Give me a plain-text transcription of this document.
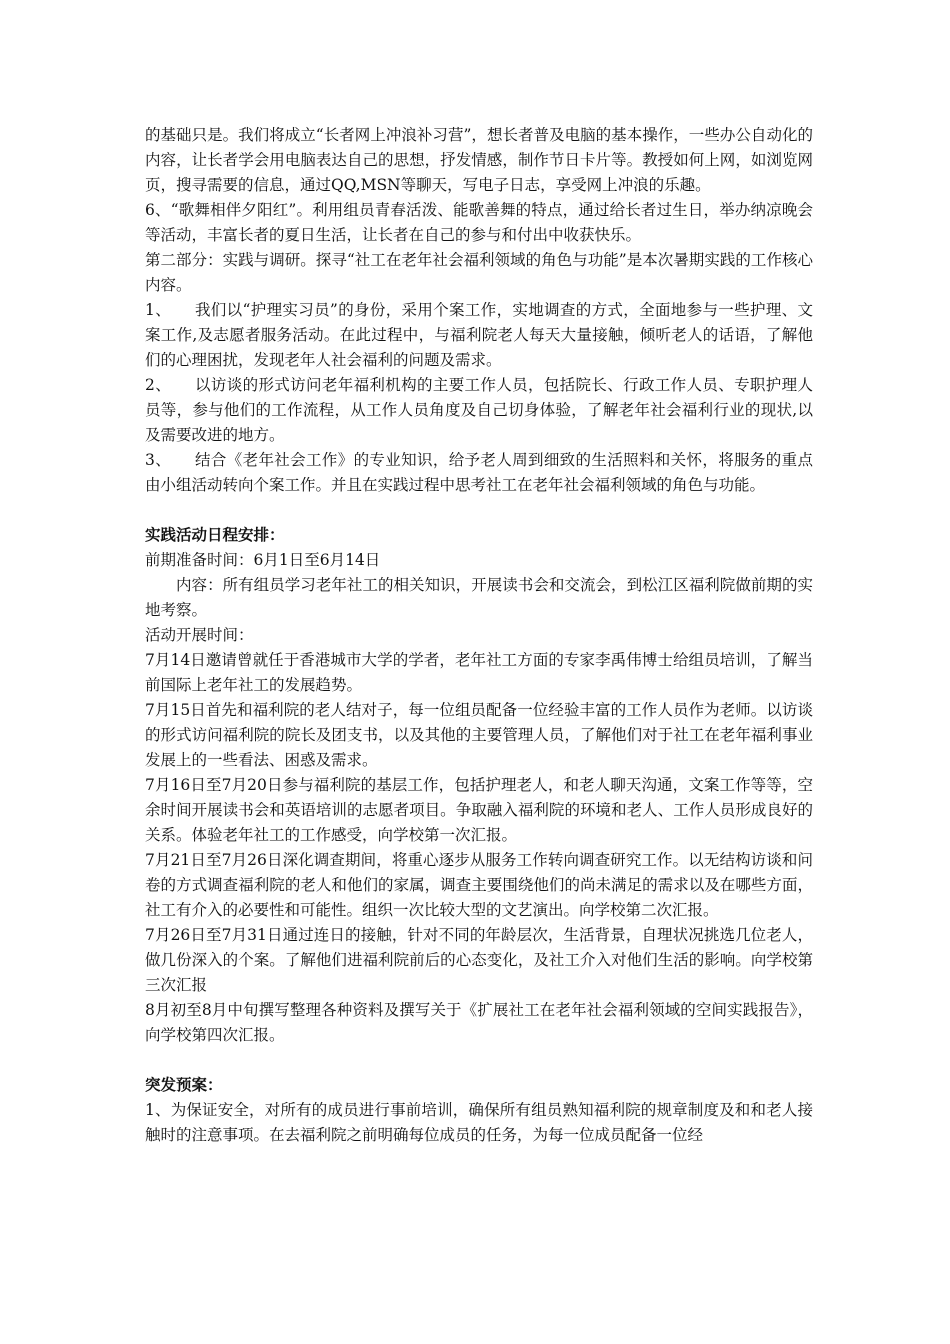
的基础只是。我们将成立“长者网上冲浪补习营”，想长者普及电脑的基本操作，一些办公自动化的内容，让长者学会用电脑表达自己的思想，抒发情感，制作节日卡片等。教授如何上网，如浏览网页，搜寻需要的信息，通过QQ,MSN等聊天，写电子日志，享受网上冲浪的乐趣。

6、“歌舞相伴夕阳红”。利用组员青春活泼、能歌善舞的特点，通过给长者过生日，举办纳凉晚会等活动，丰富长者的夏日生活，让长者在自己的参与和付出中收获快乐。

第二部分：实践与调研。探寻“社工在老年社会福利领域的角色与功能”是本次暑期实践的工作核心内容。

1、　　我们以“护理实习员”的身份，采用个案工作，实地调查的方式，全面地参与一些护理、文案工作,及志愿者服务活动。在此过程中，与福利院老人每天大量接触，倾听老人的话语，了解他们的心理困扰，发现老年人社会福利的问题及需求。

2、　　以访谈的形式访问老年福利机构的主要工作人员，包括院长、行政工作人员、专职护理人员等，参与他们的工作流程，从工作人员角度及自己切身体验，了解老年社会福利行业的现状,以及需要改进的地方。

3、　　结合《老年社会工作》的专业知识，给予老人周到细致的生活照料和关怀，将服务的重点由小组活动转向个案工作。并且在实践过程中思考社工在老年社会福利领域的角色与功能。

实践活动日程安排：

前期准备时间：6月1日至6月14日

内容：所有组员学习老年社工的相关知识，开展读书会和交流会，到松江区福利院做前期的实地考察。

活动开展时间：

7月14日邀请曾就任于香港城市大学的学者，老年社工方面的专家李禹伟博士给组员培训，了解当前国际上老年社工的发展趋势。

7月15日首先和福利院的老人结对子，每一位组员配备一位经验丰富的工作人员作为老师。以访谈的形式访问福利院的院长及团支书，以及其他的主要管理人员，了解他们对于社工在老年福利事业发展上的一些看法、困惑及需求。

7月16日至7月20日参与福利院的基层工作，包括护理老人，和老人聊天沟通，文案工作等等，空余时间开展读书会和英语培训的志愿者项目。争取融入福利院的环境和老人、工作人员形成良好的关系。体验老年社工的工作感受，向学校第一次汇报。

7月21日至7月26日深化调查期间，将重心逐步从服务工作转向调查研究工作。以无结构访谈和问卷的方式调查福利院的老人和他们的家属，调查主要围绕他们的尚未满足的需求以及在哪些方面，社工有介入的必要性和可能性。组织一次比较大型的文艺演出。向学校第二次汇报。

7月26日至7月31日通过连日的接触，针对不同的年龄层次，生活背景，自理状况挑选几位老人，做几份深入的个案。了解他们进福利院前后的心态变化，及社工介入对他们生活的影响。向学校第三次汇报

8月初至8月中旬撰写整理各种资料及撰写关于《扩展社工在老年社会福利领域的空间实践报告》，向学校第四次汇报。

突发预案：

1、为保证安全，对所有的成员进行事前培训，确保所有组员熟知福利院的规章制度及和和老人接触时的注意事项。在去福利院之前明确每位成员的任务，为每一位成员配备一位经
